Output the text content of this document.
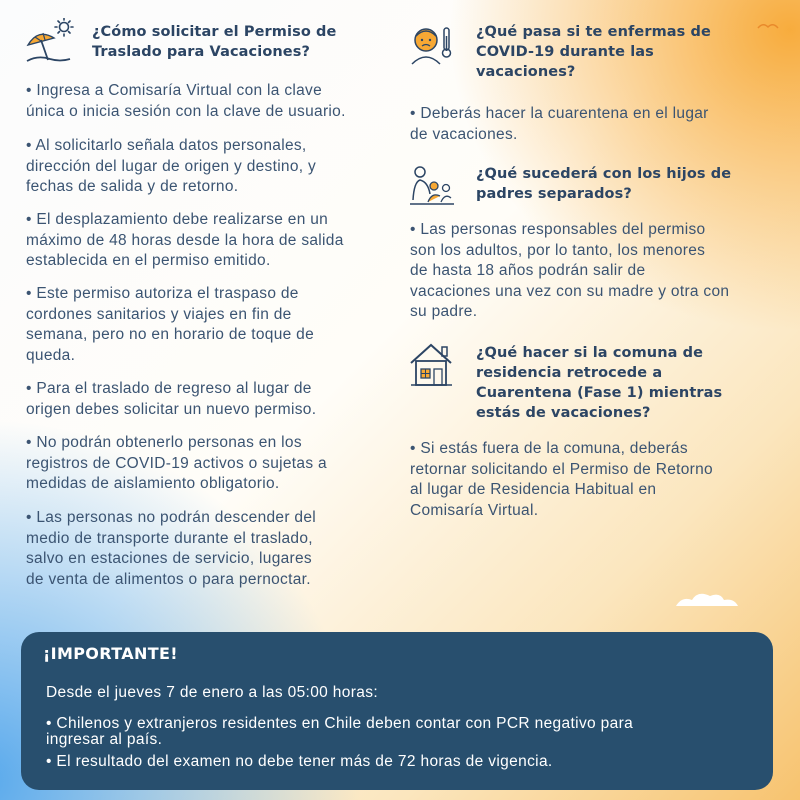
¿Cómo solicitar el Permiso de
Traslado para Vacaciones?

• Ingresa a Comisaría Virtual con la clave
única o inicia sesión con la clave de usuario.

• Al solicitarlo señala datos personales,
dirección del lugar de origen y destino, y
fechas de salida y de retorno.

• El desplazamiento debe realizarse en un
máximo de 48 horas desde la hora de salida
establecida en el permiso emitido.

• Este permiso autoriza el traspaso de
cordones sanitarios y viajes en fin de
semana, pero no en horario de toque de
queda.

• Para el traslado de regreso al lugar de
origen debes solicitar un nuevo permiso.

• No podrán obtenerlo personas en los
registros de COVID-19 activos o sujetas a
medidas de aislamiento obligatorio.

• Las personas no podrán descender del
medio de transporte durante el traslado,
salvo en estaciones de servicio, lugares
de venta de alimentos o para pernoctar.

¿Qué pasa si te enfermas de
COVID-19 durante las
vacaciones?

• Deberás hacer la cuarentena en el lugar
de vacaciones.

¿Qué sucederá con los hijos de
padres separados?

• Las personas responsables del permiso
son los adultos, por lo tanto, los menores
de hasta 18 años podrán salir de
vacaciones una vez con su madre y otra con
su padre.

¿Qué hacer si la comuna de
residencia retrocede a
Cuarentena (Fase 1) mientras
estás de vacaciones?

• Si estás fuera de la comuna, deberás
retornar solicitando el Permiso de Retorno
al lugar de Residencia Habitual en
Comisaría Virtual.

¡IMPORTANTE!

Desde el jueves 7 de enero a las 05:00 horas:

• Chilenos y extranjeros residentes en Chile deben contar con PCR negativo para
ingresar al país.

• El resultado del examen no debe tener más de 72 horas de vigencia.
